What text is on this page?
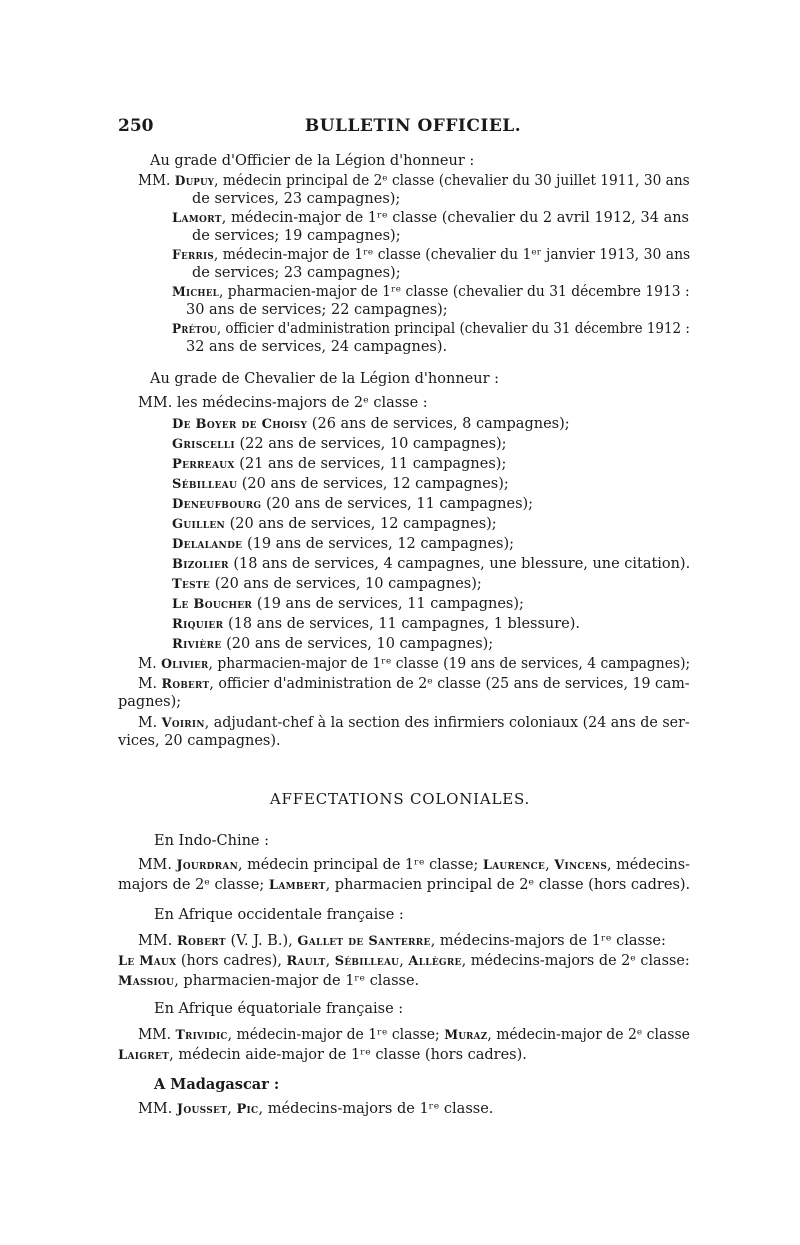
250	BULLETIN OFFICIEL.
Au grade d'Officier de la Légion d'honneur :
MM. Dupuy, médecin principal de 2ᵉ classe (chevalier du 30 juillet 1911, 30 ans
de services, 23 campagnes);
Lamort, médecin-major de 1ʳᵉ classe (chevalier du 2 avril 1912, 34 ans
de services; 19 campagnes);
Ferris, médecin-major de 1ʳᵉ classe (chevalier du 1ᵉʳ janvier 1913, 30 ans
de services; 23 campagnes);
Michel, pharmacien-major de 1ʳᵉ classe (chevalier du 31 décembre 1913 :
30 ans de services; 22 campagnes);
Prétou, officier d'administration principal (chevalier du 31 décembre 1912 :
32 ans de services, 24 campagnes).
Au grade de Chevalier de la Légion d'honneur :
MM. les médecins-majors de 2ᵉ classe :
De Boyer de Choisy (26 ans de services, 8 campagnes);
Griscelli (22 ans de services, 10 campagnes);
Perreaux (21 ans de services, 11 campagnes);
Sébilleau (20 ans de services, 12 campagnes);
Deneufbourg (20 ans de services, 11 campagnes);
Guillen (20 ans de services, 12 campagnes);
Delalande (19 ans de services, 12 campagnes);
Bizolier (18 ans de services, 4 campagnes, une blessure, une citation).
Teste (20 ans de services, 10 campagnes);
Le Boucher (19 ans de services, 11 campagnes);
Riquier (18 ans de services, 11 campagnes, 1 blessure).
Rivière (20 ans de services, 10 campagnes);
M. Olivier, pharmacien-major de 1ʳᵉ classe (19 ans de services, 4 campagnes);
M. Robert, officier d'administration de 2ᵉ classe (25 ans de services, 19 cam-
pagnes);
M. Voirin, adjudant-chef à la section des infirmiers coloniaux (24 ans de ser-
vices, 20 campagnes).
AFFECTATIONS COLONIALES.
En Indo-Chine :
MM. Jourdran, médecin principal de 1ʳᵉ classe; Laurence, Vincens, médecins-
majors de 2ᵉ classe; Lambert, pharmacien principal de 2ᵉ classe (hors cadres).
En Afrique occidentale française :
MM. Robert (V. J. B.), Gallet de Santerre, médecins-majors de 1ʳᵉ classe:
Le Maux (hors cadres), Rault, Sébilleau, Allègre, médecins-majors de 2ᵉ classe:
Massiou, pharmacien-major de 1ʳᵉ classe.
En Afrique équatoriale française :
MM. Trividic, médecin-major de 1ʳᵉ classe; Muraz, médecin-major de 2ᵉ classe
Laigret, médecin aide-major de 1ʳᵉ classe (hors cadres).
A Madagascar :
MM. Jousset, Pic, médecins-majors de 1ʳᵉ classe.
